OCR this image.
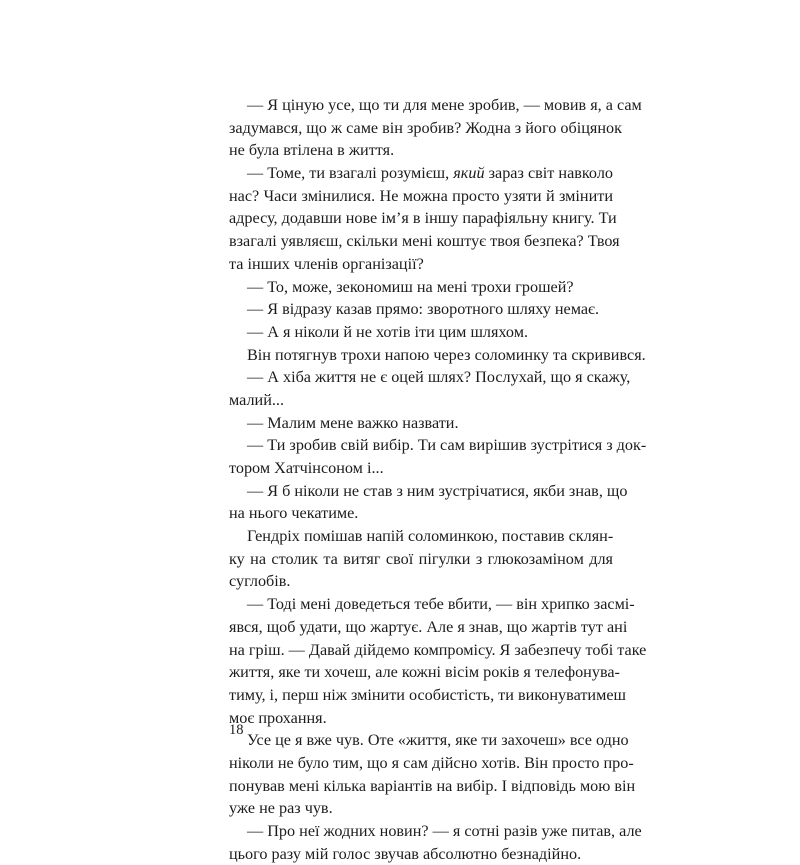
— Я ціную усе, що ти для мене зробив, — мовив я, а сам
задумався, що ж саме він зробив? Жодна з його обіцянок
не була втілена в життя.
— Томе, ти взагалі розумієш, який зараз світ навколо
нас? Часи змінилися. Не можна просто узяти й змінити
адресу, додавши нове ім’я в іншу парафіяльну книгу. Ти
взагалі уявляєш, скільки мені коштує твоя безпека? Твоя
та інших членів організації?
— То, може, зекономиш на мені трохи грошей?
— Я відразу казав прямо: зворотного шляху немає.
— А я ніколи й не хотів іти цим шляхом.
Він потягнув трохи напою через соломинку та скривився.
— А хіба життя не є оцей шлях? Послухай, що я скажу,
малий...
— Малим мене важко назвати.
— Ти зробив свій вибір. Ти сам вирішив зустрітися з док-
тором Хатчінсоном і...
— Я б ніколи не став з ним зустрічатися, якби знав, що
на нього чекатиме.
Гендріх помішав напій соломинкою, поставив склян-
ку на столик та витяг свої пігулки з глюкозаміном для
суглобів.
— Тоді мені доведеться тебе вбити, — він хрипко засмі-
явся, щоб удати, що жартує. Але я знав, що жартів тут ані
на гріш. — Давай дійдемо компромісу. Я забезпечу тобі таке
життя, яке ти хочеш, але кожні вісім років я телефонува-
тиму, і, перш ніж змінити особистість, ти виконуватимеш
моє прохання.
Усе це я вже чув. Оте «життя, яке ти захочеш» все одно
ніколи не було тим, що я сам дійсно хотів. Він просто про-
понував мені кілька варіантів на вибір. І відповідь мою він
уже не раз чув.
— Про неї жодних новин? — я сотні разів уже питав, але
цього разу мій голос звучав абсолютно безнадійно.
18
